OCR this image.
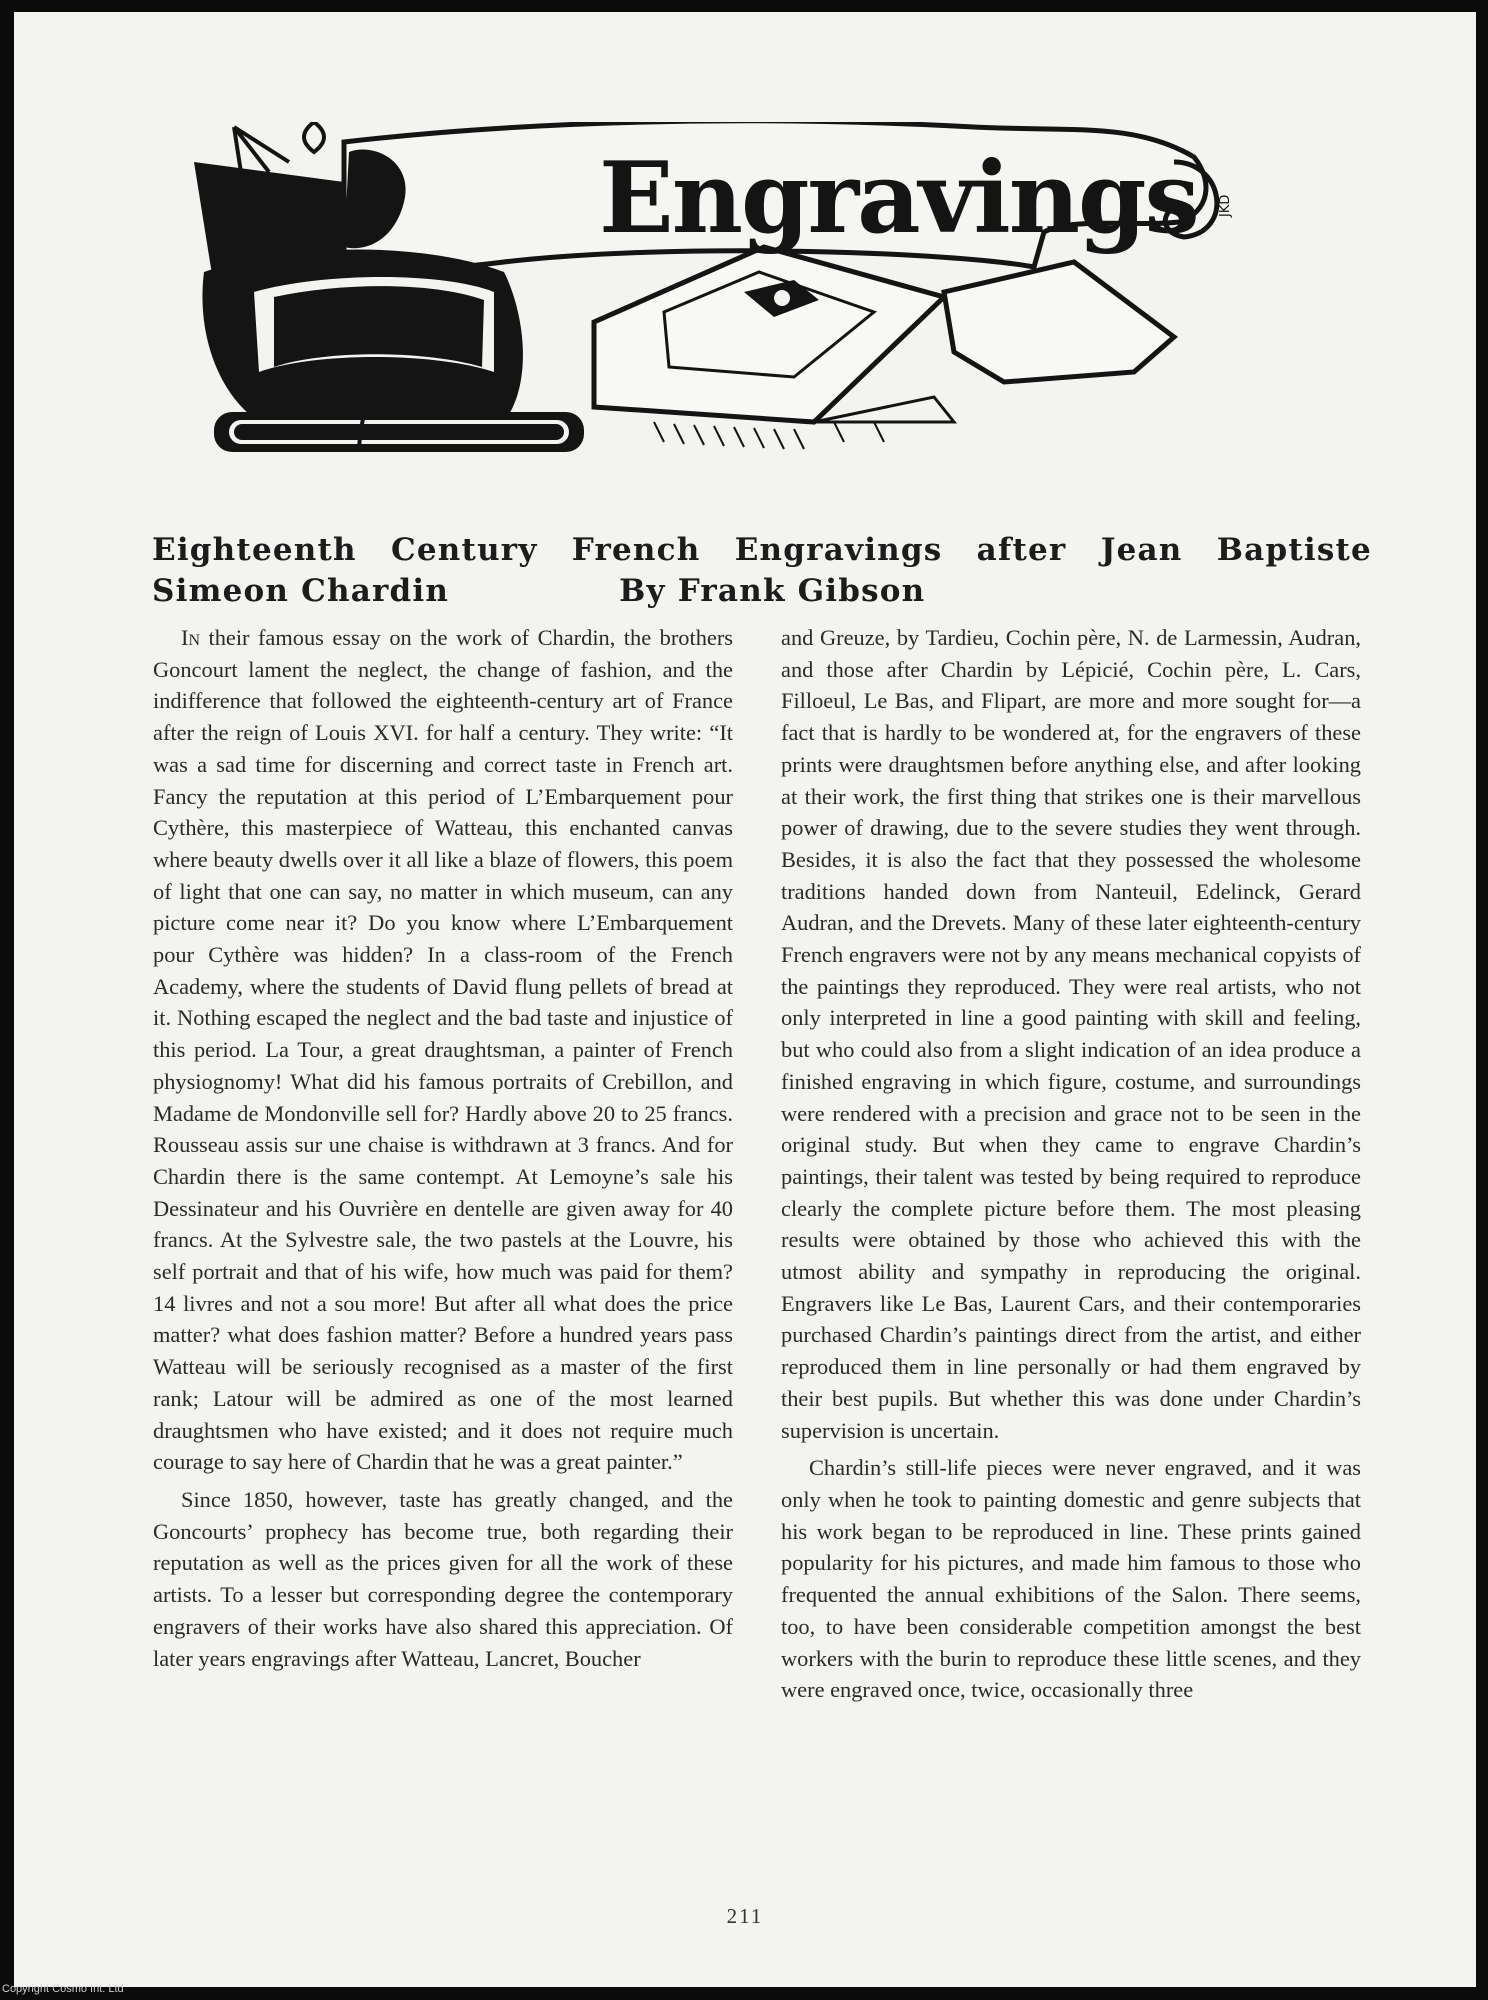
Engravings JKD
Eighteenth Century French Engravings after Jean Baptiste
Simeon Chardin	By Frank Gibson

In their famous essay on the work of Chardin, the brothers Goncourt lament the neglect, the change of fashion, and the indifference that followed the eighteenth-century art of France after the reign of Louis XVI. for half a century. They write: “It was a sad time for discerning and correct taste in French art. Fancy the reputation at this period of L’Embarquement pour Cythère, this masterpiece of Watteau, this enchanted canvas where beauty dwells over it all like a blaze of flowers, this poem of light that one can say, no matter in which museum, can any picture come near it? Do you know where L’Embarquement pour Cythère was hidden? In a class-room of the French Academy, where the students of David flung pellets of bread at it. Nothing escaped the neglect and the bad taste and injustice of this period. La Tour, a great draughtsman, a painter of French physiognomy! What did his famous portraits of Crebillon, and Madame de Mondonville sell for? Hardly above 20 to 25 francs. Rousseau assis sur une chaise is withdrawn at 3 francs. And for Chardin there is the same contempt. At Lemoyne’s sale his Dessinateur and his Ouvrière en dentelle are given away for 40 francs. At the Sylvestre sale, the two pastels at the Louvre, his self portrait and that of his wife, how much was paid for them? 14 livres and not a sou more! But after all what does the price matter? what does fashion matter? Before a hundred years pass Watteau will be seriously recognised as a master of the first rank; Latour will be admired as one of the most learned draughtsmen who have existed; and it does not require much courage to say here of Chardin that he was a great painter.”

Since 1850, however, taste has greatly changed, and the Goncourts’ prophecy has become true, both regarding their reputation as well as the prices given for all the work of these artists. To a lesser but corresponding degree the contemporary engravers of their works have also shared this appreciation. Of later years engravings after Watteau, Lancret, Boucher

and Greuze, by Tardieu, Cochin père, N. de Larmessin, Audran, and those after Chardin by Lépicié, Cochin père, L. Cars, Filloeul, Le Bas, and Flipart, are more and more sought for—a fact that is hardly to be wondered at, for the engravers of these prints were draughtsmen before anything else, and after looking at their work, the first thing that strikes one is their marvellous power of drawing, due to the severe studies they went through. Besides, it is also the fact that they possessed the wholesome traditions handed down from Nanteuil, Edelinck, Gerard Audran, and the Drevets. Many of these later eighteenth-century French engravers were not by any means mechanical copyists of the paintings they reproduced. They were real artists, who not only interpreted in line a good painting with skill and feeling, but who could also from a slight indication of an idea produce a finished engraving in which figure, costume, and surroundings were rendered with a precision and grace not to be seen in the original study. But when they came to engrave Chardin’s paintings, their talent was tested by being required to reproduce clearly the complete picture before them. The most pleasing results were obtained by those who achieved this with the utmost ability and sympathy in reproducing the original. Engravers like Le Bas, Laurent Cars, and their contemporaries purchased Chardin’s paintings direct from the artist, and either reproduced them in line personally or had them engraved by their best pupils. But whether this was done under Chardin’s supervision is uncertain.

Chardin’s still-life pieces were never engraved, and it was only when he took to painting domestic and genre subjects that his work began to be reproduced in line. These prints gained popularity for his pictures, and made him famous to those who frequented the annual exhibitions of the Salon. There seems, too, to have been considerable competition amongst the best workers with the burin to reproduce these little scenes, and they were engraved once, twice, occasionally three

211
Copyright Cosmo Int. Ltd
